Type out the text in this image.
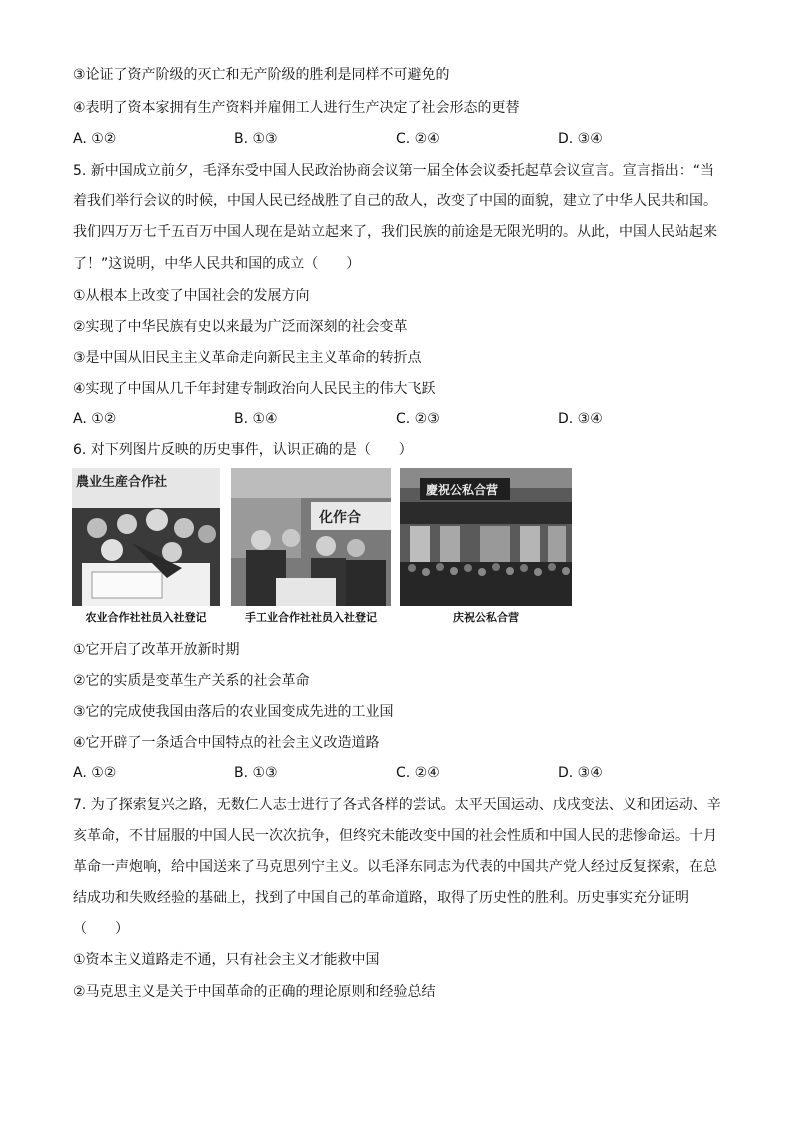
③论证了资产阶级的灭亡和无产阶级的胜利是同样不可避免的
④表明了资本家拥有生产资料并雇佣工人进行生产决定了社会形态的更替
A. ①②	B. ①③	C. ②④	D. ③④
5. 新中国成立前夕，毛泽东受中国人民政治协商会议第一届全体会议委托起草会议宣言。宣言指出：“当
着我们举行会议的时候，中国人民已经战胜了自己的敌人，改变了中国的面貌，建立了中华人民共和国。
我们四万万七千五百万中国人现在是站立起来了，我们民族的前途是无限光明的。从此，中国人民站起来
了！”这说明，中华人民共和国的成立（　　）
①从根本上改变了中国社会的发展方向
②实现了中华民族有史以来最为广泛而深刻的社会变革
③是中国从旧民主主义革命走向新民主主义革命的转折点
④实现了中国从几千年封建专制政治向人民民主的伟大飞跃
A. ①②	B. ①④	C. ②③	D. ③④
6. 对下列图片反映的历史事件，认识正确的是（　　）
農业生産合作社
化作合
慶祝公私合营
农业合作社社员入社登记	手工业合作社社员入社登记	庆祝公私合营
①它开启了改革开放新时期
②它的实质是变革生产关系的社会革命
③它的完成使我国由落后的农业国变成先进的工业国
④它开辟了一条适合中国特点的社会主义改造道路
A. ①②	B. ①③	C. ②④	D. ③④
7. 为了探索复兴之路，无数仁人志士进行了各式各样的尝试。太平天国运动、戊戌变法、义和团运动、辛
亥革命，不甘屈服的中国人民一次次抗争，但终究未能改变中国的社会性质和中国人民的悲惨命运。十月
革命一声炮响，给中国送来了马克思列宁主义。以毛泽东同志为代表的中国共产党人经过反复探索，在总
结成功和失败经验的基础上，找到了中国自己的革命道路，取得了历史性的胜利。历史事实充分证明
（　　）
①资本主义道路走不通，只有社会主义才能救中国
②马克思主义是关于中国革命的正确的理论原则和经验总结
